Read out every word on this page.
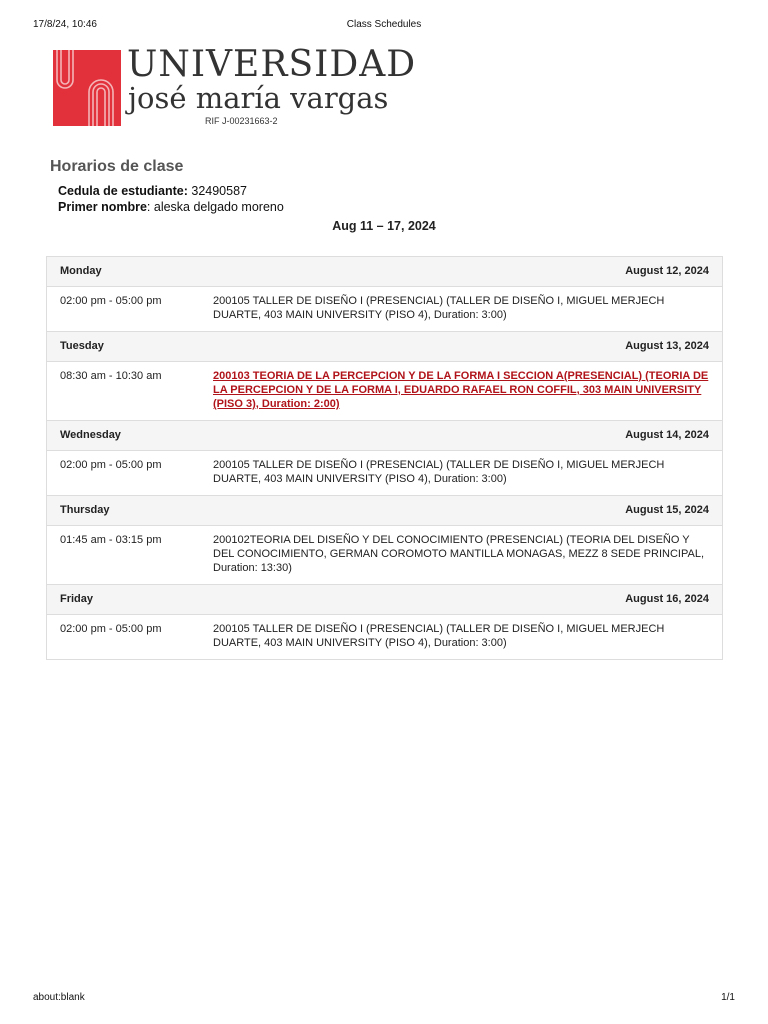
17/8/24, 10:46	Class Schedules
UNIVERSIDAD
josé maría vargas
RIF J-00231663-2
Horarios de clase
Cedula de estudiante: 32490587
Primer nombre: aleska delgado moreno
Aug 11 – 17, 2024
Monday	August 12, 2024
02:00 pm - 05:00 pm	200105 TALLER DE DISEÑO I (PRESENCIAL) (TALLER DE DISEÑO I, MIGUEL MERJECH DUARTE, 403 MAIN UNIVERSITY (PISO 4), Duration: 3:00)
Tuesday	August 13, 2024
08:30 am - 10:30 am	200103 TEORIA DE LA PERCEPCION Y DE LA FORMA I SECCION A(PRESENCIAL) (TEORIA DE LA PERCEPCION Y DE LA FORMA I, EDUARDO RAFAEL RON COFFIL, 303 MAIN UNIVERSITY (PISO 3), Duration: 2:00)
Wednesday	August 14, 2024
02:00 pm - 05:00 pm	200105 TALLER DE DISEÑO I (PRESENCIAL) (TALLER DE DISEÑO I, MIGUEL MERJECH DUARTE, 403 MAIN UNIVERSITY (PISO 4), Duration: 3:00)
Thursday	August 15, 2024
01:45 am - 03:15 pm	200102TEORIA DEL DISEÑO Y DEL CONOCIMIENTO (PRESENCIAL) (TEORIA DEL DISEÑO Y DEL CONOCIMIENTO, GERMAN COROMOTO MANTILLA MONAGAS, MEZZ 8 SEDE PRINCIPAL, Duration: 13:30)
Friday	August 16, 2024
02:00 pm - 05:00 pm	200105 TALLER DE DISEÑO I (PRESENCIAL) (TALLER DE DISEÑO I, MIGUEL MERJECH DUARTE, 403 MAIN UNIVERSITY (PISO 4), Duration: 3:00)
about:blank	1/1
